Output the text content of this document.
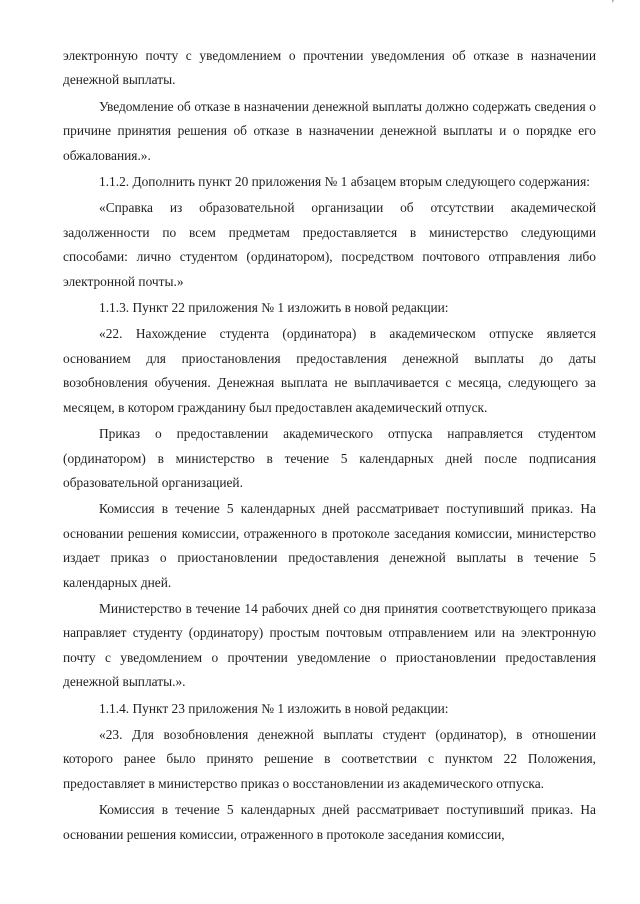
'

электронную почту с уведомлением о прочтении уведомления об отказе в назначении денежной выплаты.

Уведомление об отказе в назначении денежной выплаты должно содержать сведения о причине принятия решения об отказе в назначении денежной выплаты и о порядке его обжалования.».

1.1.2. Дополнить пункт 20 приложения № 1 абзацем вторым следующего содержания:

«Справка из образовательной организации об отсутствии академической задолженности по всем предметам предоставляется в министерство следующими способами: лично студентом (ординатором), посредством почтового отправления либо электронной почты.»

1.1.3. Пункт 22 приложения № 1 изложить в новой редакции:

«22. Нахождение студента (ординатора) в академическом отпуске является основанием для приостановления предоставления денежной выплаты до даты возобновления обучения. Денежная выплата не выплачивается с месяца, следующего за месяцем, в котором гражданину был предоставлен академический отпуск.

Приказ о предоставлении академического отпуска направляется студентом (ординатором) в министерство в течение 5 календарных дней после подписания образовательной организацией.

Комиссия в течение 5 календарных дней рассматривает поступивший приказ. На основании решения комиссии, отраженного в протоколе заседания комиссии, министерство издает приказ о приостановлении предоставления денежной выплаты в течение 5 календарных дней.

Министерство в течение 14 рабочих дней со дня принятия соответствующего приказа направляет студенту (ординатору) простым почтовым отправлением или на электронную почту с уведомлением о прочтении уведомление о приостановлении предоставления денежной выплаты.».

1.1.4. Пункт 23 приложения № 1 изложить в новой редакции:

«23. Для возобновления денежной выплаты студент (ординатор), в отношении которого ранее было принято решение в соответствии с пунктом 22 Положения, предоставляет в министерство приказ о восстановлении из академического отпуска.

Комиссия в течение 5 календарных дней рассматривает поступивший приказ. На основании решения комиссии, отраженного в протоколе заседания комиссии,
